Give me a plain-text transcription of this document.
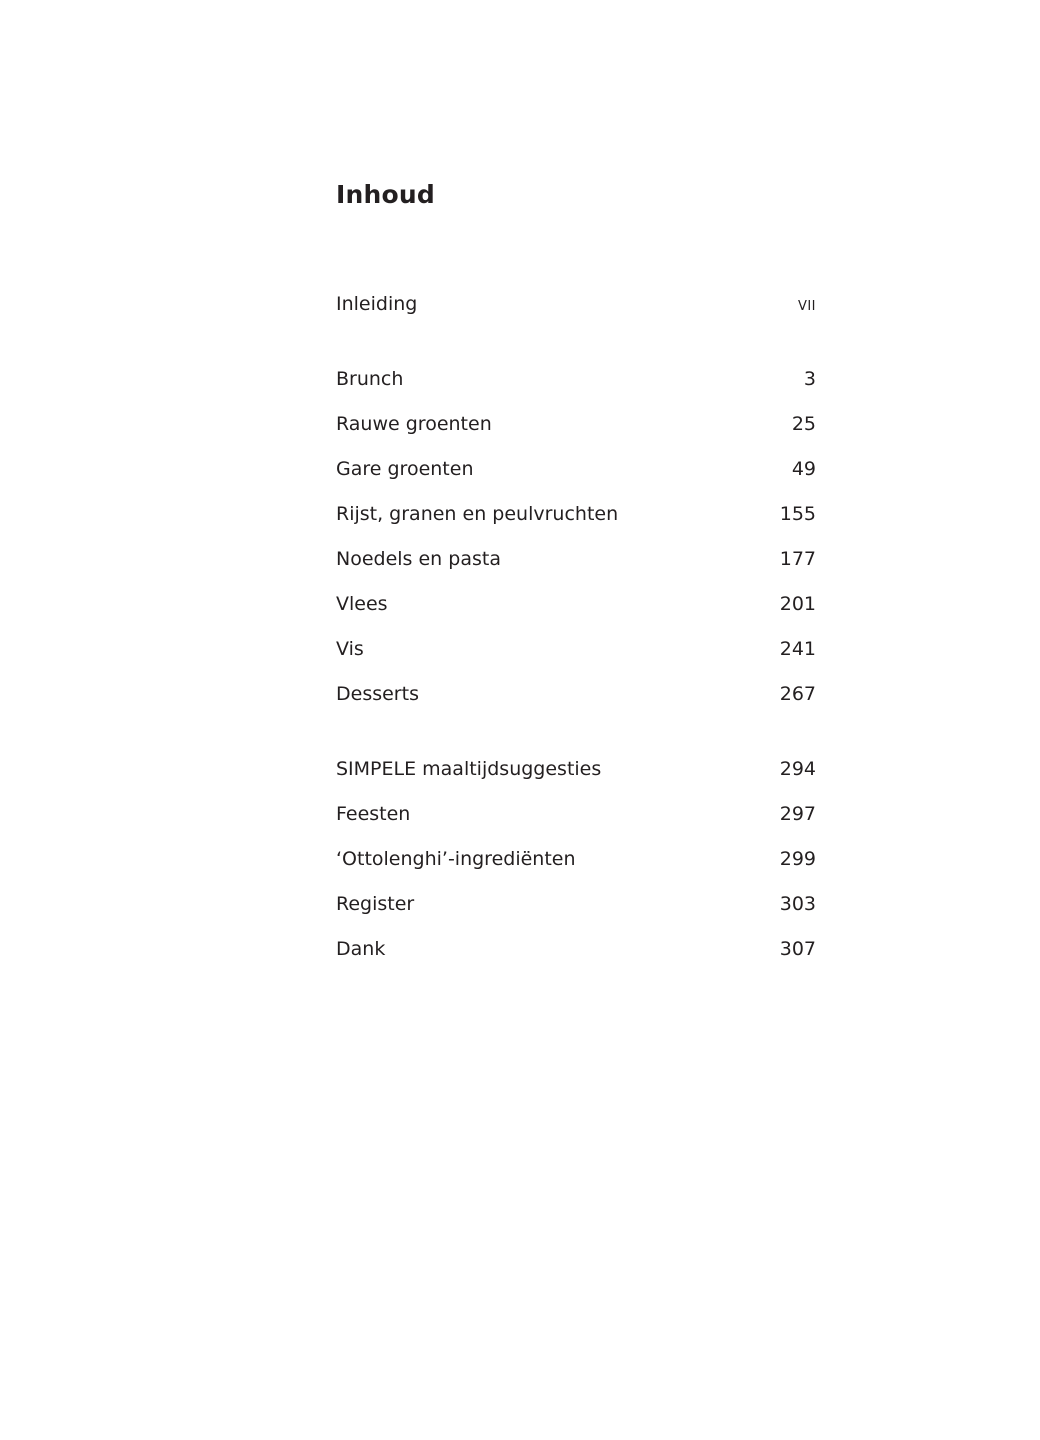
Inhoud
Inleiding	VII
Brunch	3
Rauwe groenten	25
Gare groenten	49
Rijst, granen en peulvruchten	155
Noedels en pasta	177
Vlees	201
Vis	241
Desserts	267
SIMPELE maaltijdsuggesties	294
Feesten	297
‘Ottolenghi’-ingrediënten	299
Register	303
Dank	307
